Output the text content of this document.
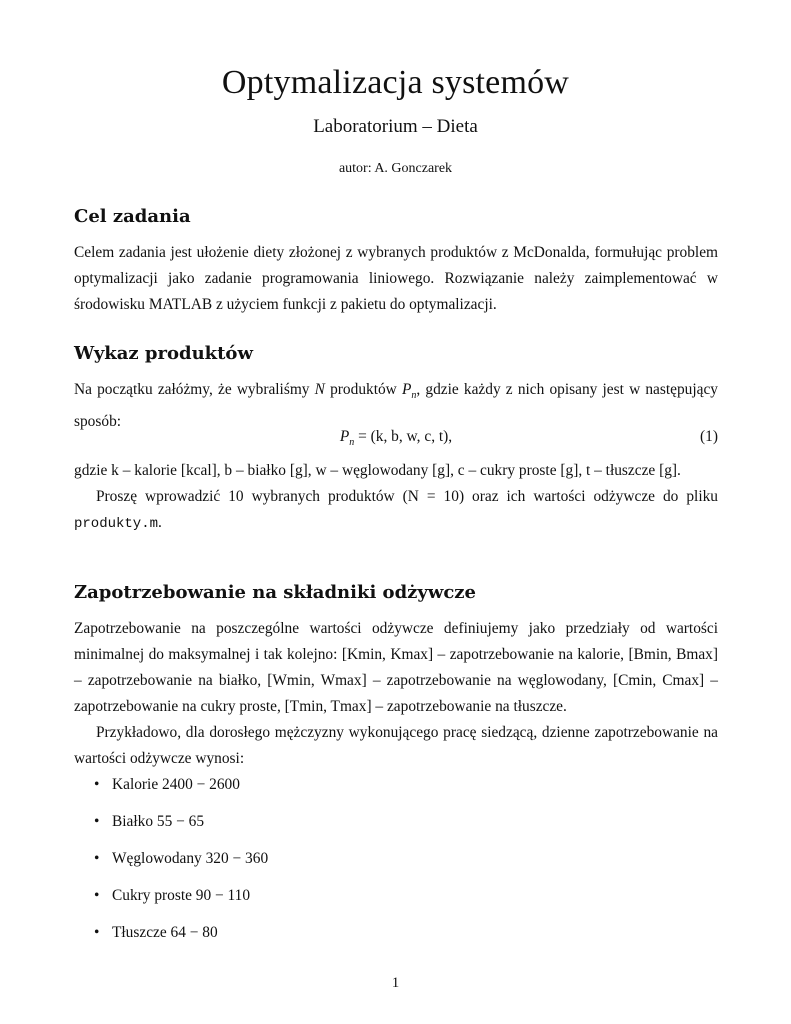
Optymalizacja systemów
Laboratorium – Dieta
autor: A. Gonczarek
Cel zadania

Celem zadania jest ułożenie diety złożonej z wybranych produktów z McDonalda, formułując problem optymalizacji jako zadanie programowania liniowego. Rozwiązanie należy zaimplementować w środowisku MATLAB z użyciem funkcji z pakietu do optymalizacji.

Wykaz produktów

Na początku załóżmy, że wybraliśmy N produktów $P_n$, gdzie każdy z nich opisany jest w następujący sposób:

$P_n = (k$, b, w, c, t),	(1)

gdzie k – kalorie [kcal], b – białko [g], w – węglowodany [g], c – cukry proste [g], t – tłuszcze [g].

Proszę wprowadzić 10 wybranych produktów (N = 10) oraz ich wartości odżywcze do pliku produkty.m.

Zapotrzebowanie na składniki odżywcze

Zapotrzebowanie na poszczególne wartości odżywcze definiujemy jako przedziały od wartości minimalnej do maksymalnej i tak kolejno: [Kmin, Kmax] – zapotrzebowanie na kalorie, [Bmin, Bmax] – zapotrzebowanie na białko, [Wmin, Wmax] – zapotrzebowanie na węglowodany, [Cmin, Cmax] – zapotrzebowanie na cukry proste, [Tmin, Tmax] – zapotrzebowanie na tłuszcze.

Przykładowo, dla dorosłego mężczyzny wykonującego pracę siedzącą, dzienne zapotrzebowanie na wartości odżywcze wynosi:

• Kalorie 2400 − 2600
• Białko 55 − 65
• Węglowodany 320 − 360
• Cukry proste 90 − 110
• Tłuszcze 64 − 80
1
